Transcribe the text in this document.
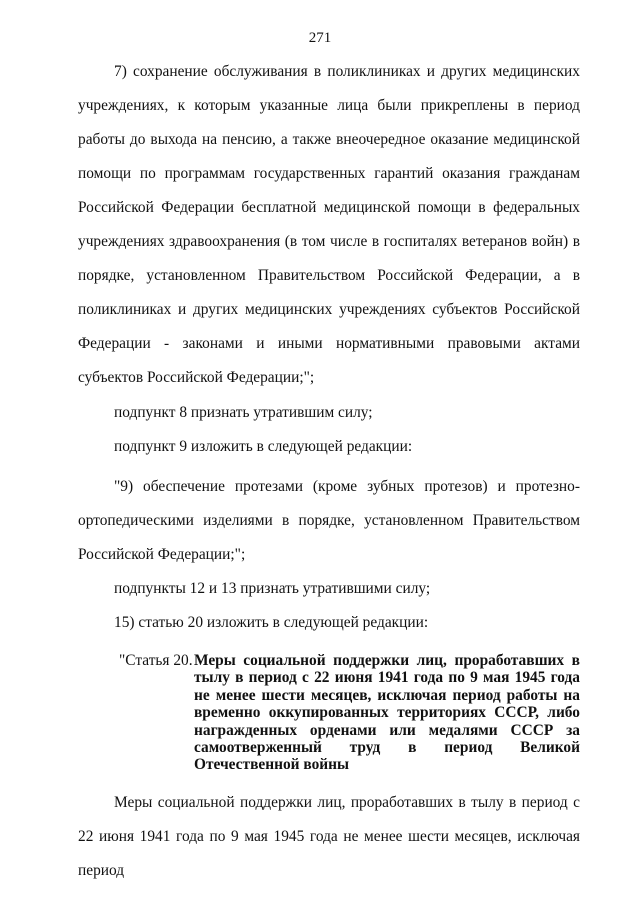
271
7) сохранение обслуживания в поликлиниках и других медицинских учреждениях, к которым указанные лица были прикреплены в период работы до выхода на пенсию, а также внеочередное оказание медицинской помощи по программам государственных гарантий оказания гражданам Российской Федерации бесплатной медицинской помощи в федеральных учреждениях здравоохранения (в том числе в госпиталях ветеранов войн) в порядке, установленном Правительством Российской Федерации, а в поликлиниках и других медицинских учреждениях субъектов Российской Федерации - законами и иными нормативными правовыми актами субъектов Российской Федерации;";
подпункт 8 признать утратившим силу;
подпункт 9 изложить в следующей редакции:
"9) обеспечение протезами (кроме зубных протезов) и протезно-ортопедическими изделиями в порядке, установленном Правительством Российской Федерации;";
подпункты 12 и 13 признать утратившими силу;
15) статью 20 изложить в следующей редакции:
"Статья 20. Меры социальной поддержки лиц, проработавших в тылу в период с 22 июня 1941 года по 9 мая 1945 года не менее шести месяцев, исключая период работы на временно оккупированных территориях СССР, либо награжденных орденами или медалями СССР за самоотверженный труд в период Великой Отечественной войны
Меры социальной поддержки лиц, проработавших в тылу в период с 22 июня 1941 года по 9 мая 1945 года не менее шести месяцев, исключая период
